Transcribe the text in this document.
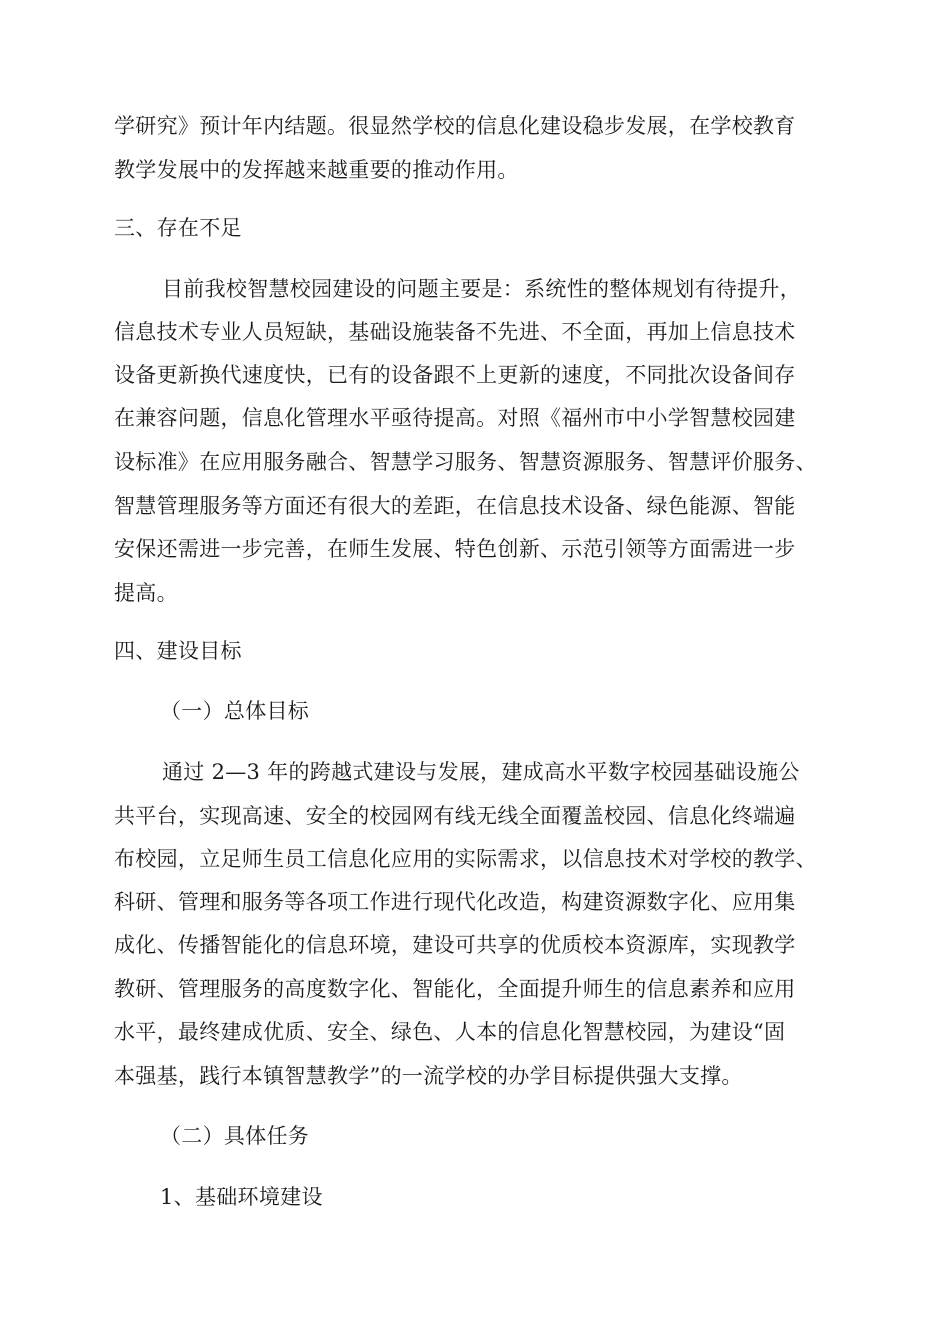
学研究》预计年内结题。很显然学校的信息化建设稳步发展，在学校教育
教学发展中的发挥越来越重要的推动作用。
三、存在不足
目前我校智慧校园建设的问题主要是：系统性的整体规划有待提升，
信息技术专业人员短缺，基础设施装备不先进、不全面，再加上信息技术
设备更新换代速度快，已有的设备跟不上更新的速度，不同批次设备间存
在兼容问题，信息化管理水平亟待提高。对照《福州市中小学智慧校园建
设标准》在应用服务融合、智慧学习服务、智慧资源服务、智慧评价服务、
智慧管理服务等方面还有很大的差距，在信息技术设备、绿色能源、智能
安保还需进一步完善，在师生发展、特色创新、示范引领等方面需进一步
提高。
四、建设目标
（一）总体目标
通过 2—3 年的跨越式建设与发展，建成高水平数字校园基础设施公
共平台，实现高速、安全的校园网有线无线全面覆盖校园、信息化终端遍
布校园，立足师生员工信息化应用的实际需求，以信息技术对学校的教学、
科研、管理和服务等各项工作进行现代化改造，构建资源数字化、应用集
成化、传播智能化的信息环境，建设可共享的优质校本资源库，实现教学
教研、管理服务的高度数字化、智能化，全面提升师生的信息素养和应用
水平，最终建成优质、安全、绿色、人本的信息化智慧校园，为建设“固
本强基，践行本镇智慧教学”的一流学校的办学目标提供强大支撑。
（二）具体任务
1、基础环境建设
